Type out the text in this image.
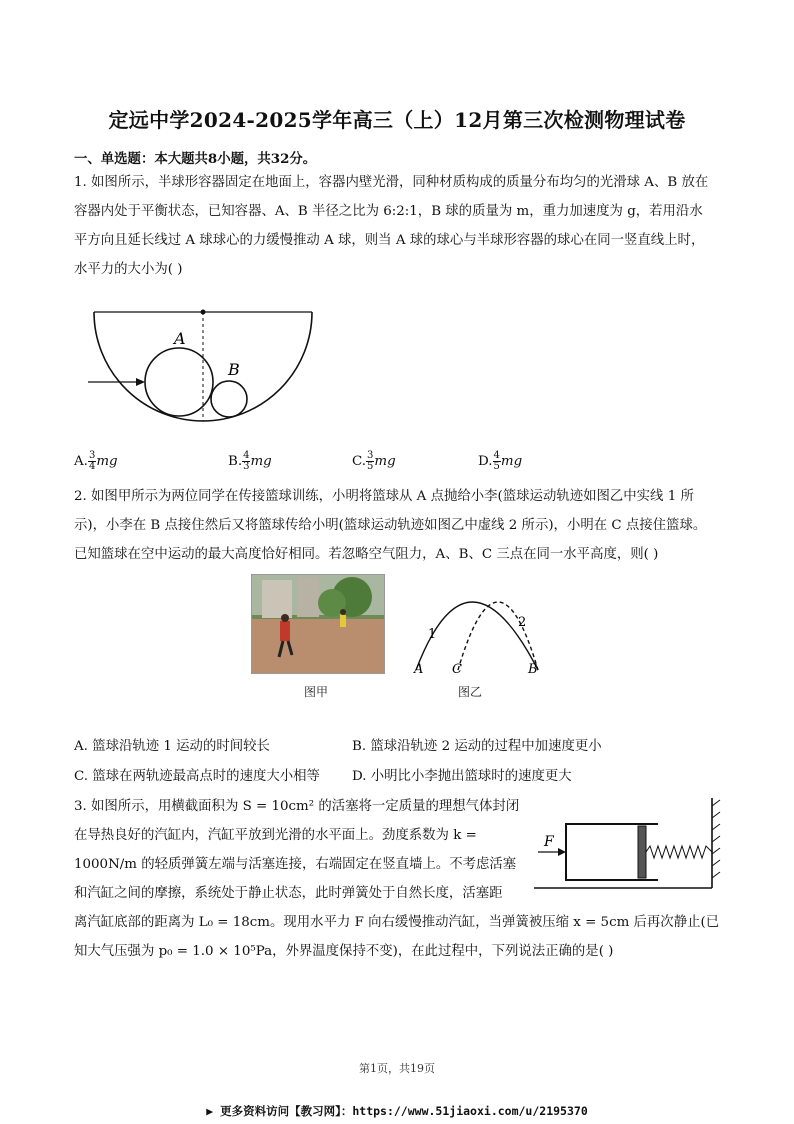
定远中学2024-2025学年高三（上）12月第三次检测物理试卷
一、单选题：本大题共8小题，共32分。
1. 如图所示，半球形容器固定在地面上，容器内壁光滑，同种材质构成的质量分布均匀的光滑球 A、B 放在
容器内处于平衡状态，已知容器、A、B 半径之比为 6:2:1，B 球的质量为 m，重力加速度为 g，若用沿水
平方向且延长线过 A 球球心的力缓慢推动 A 球，则当 A 球的球心与半球形容器的球心在同一竖直线上时，
水平力的大小为( )
A
B
A. $\frac{3}{4}$ mg	B. $\frac{4}{3}$ mg	C. $\frac{3}{5}$ mg	D. $\frac{4}{5}$ mg
2. 如图甲所示为两位同学在传接篮球训练，小明将篮球从 A 点抛给小李(篮球运动轨迹如图乙中实线 1 所
示)，小李在 B 点接住然后又将篮球传给小明(篮球运动轨迹如图乙中虚线 2 所示)，小明在 C 点接住篮球。
已知篮球在空中运动的最大高度恰好相同。若忽略空气阻力，A、B、C 三点在同一水平高度，则( )
图甲
1
2
A C	B
图乙
A. 篮球沿轨迹 1 运动的时间较长	B. 篮球沿轨迹 2 运动的过程中加速度更小
C. 篮球在两轨迹最高点时的速度大小相等 D. 小明比小李抛出篮球时的速度更大
3. 如图所示，用横截面积为 S = 10cm² 的活塞将一定质量的理想气体封闭
在导热良好的汽缸内，汽缸平放到光滑的水平面上。劲度系数为 k =
1000N/m 的轻质弹簧左端与活塞连接，右端固定在竖直墙上。不考虑活塞
和汽缸之间的摩擦，系统处于静止状态，此时弹簧处于自然长度，活塞距
离汽缸底部的距离为 L₀ = 18cm。现用水平力 F 向右缓慢推动汽缸，当弹簧被压缩 x = 5cm 后再次静止(已
知大气压强为 p₀ = 1.0 × 10⁵Pa，外界温度保持不变)，在此过程中，下列说法正确的是( )
F
第1页，共19页
▶ 更多资料访问【教习网】：https://www.51jiaoxi.com/u/2195370
